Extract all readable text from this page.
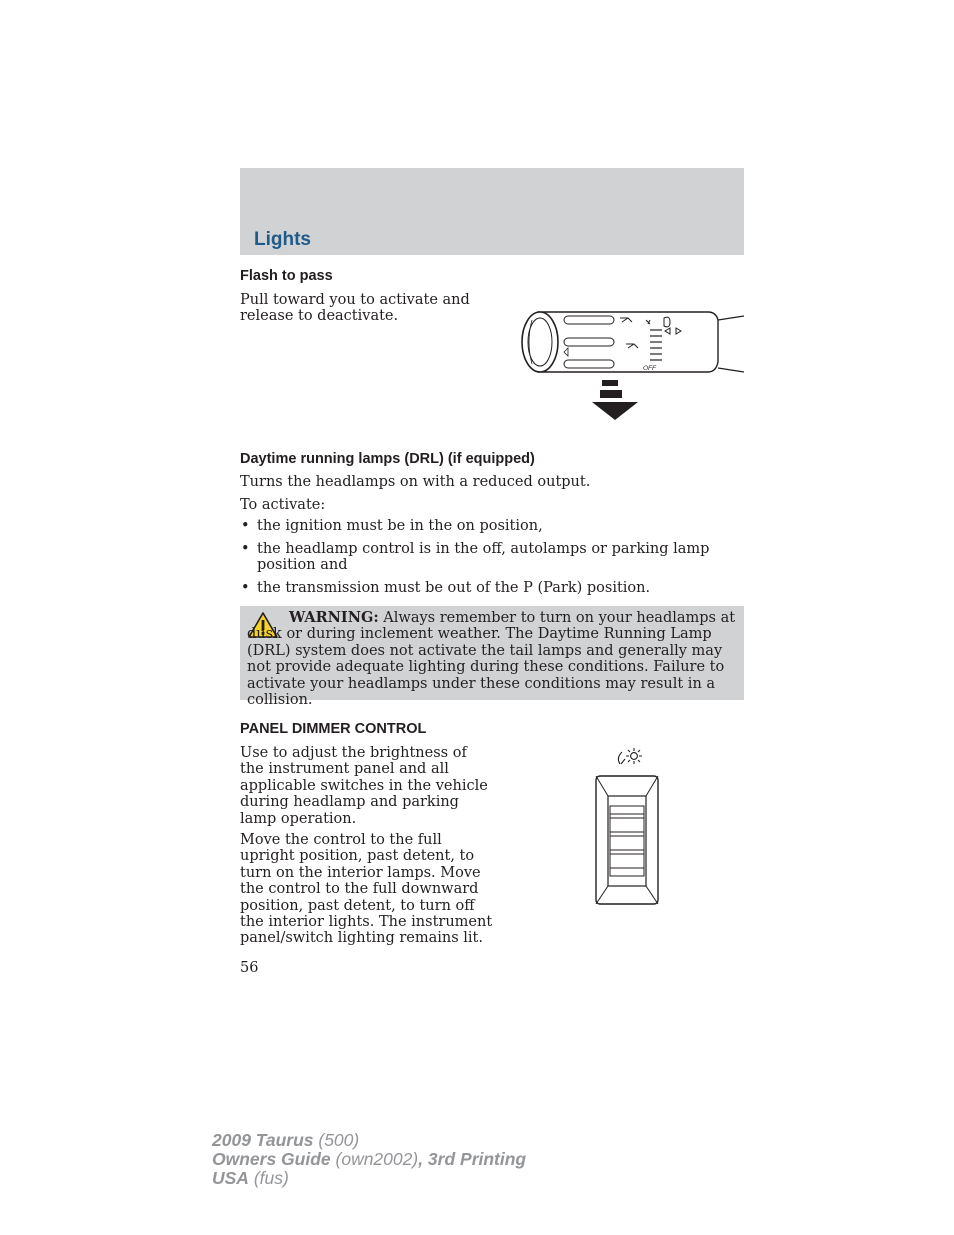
Lights
Flash to pass
Pull toward you to activate and release to deactivate.
OFF
Daytime running lamps (DRL) (if equipped)
Turns the headlamps on with a reduced output.
To activate:
• the ignition must be in the on position,
• the headlamp control is in the off, autolamps or parking lamp position and
• the transmission must be out of the P (Park) position.
WARNING: Always remember to turn on your headlamps at dusk or during inclement weather. The Daytime Running Lamp (DRL) system does not activate the tail lamps and generally may not provide adequate lighting during these conditions. Failure to activate your headlamps under these conditions may result in a collision.
PANEL DIMMER CONTROL
Use to adjust the brightness of the instrument panel and all applicable switches in the vehicle during headlamp and parking lamp operation.
Move the control to the full upright position, past detent, to turn on the interior lamps. Move the control to the full downward position, past detent, to turn off the interior lights. The instrument panel/switch lighting remains lit.
56
2009 Taurus (500)
Owners Guide (own2002), 3rd Printing
USA (fus)
